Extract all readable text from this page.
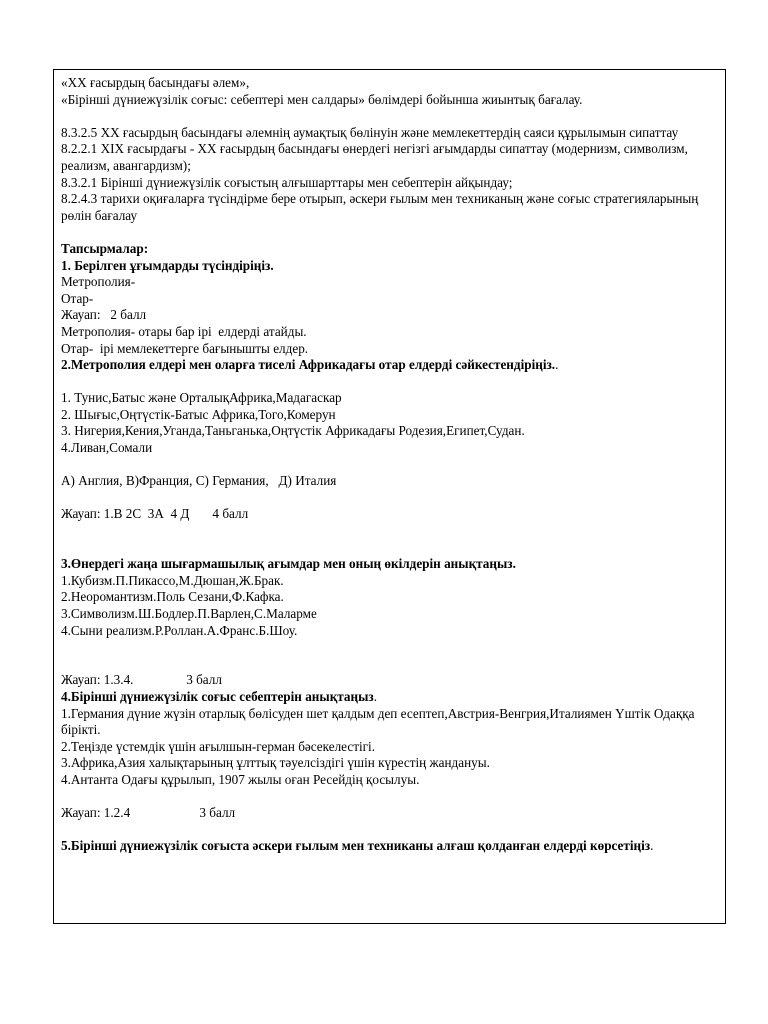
«XX ғасырдың басындағы әлем»,
«Бірінші дүниежүзілік соғыс: себептері мен салдары» бөлімдері бойынша жиынтық бағалау.
8.3.2.5 XX ғасырдың басындағы әлемнің аумақтық бөлінуін және мемлекеттердің саяси құрылымын сипаттау
8.2.2.1 XIX ғасырдағы - XX ғасырдың басындағы өнердегі негізгі ағымдарды сипаттау (модернизм, символизм, реализм, авангардизм);
8.3.2.1 Бірінші дүниежүзілік соғыстың алғышарттары мен себептерін айқындау;
8.2.4.3 тарихи оқиғаларға түсіндірме бере отырып, әскери ғылым мен техниканың және соғыс стратегияларының рөлін бағалау
Тапсырмалар:
1. Берілген ұғымдарды түсіндіріңіз.
Метрополия-
Отар-
Жауап:   2 балл
Метрополия- отары бар ірі  елдерді атайды.
Отар-  ірі мемлекеттерге бағынышты елдер.
2.Метрополия елдері мен оларға тиселі Африкадағы отар елдерді сәйкестендіріңіз..
1. Тунис,Батыс және ОрталықАфрика,Мадагаскар
2. Шығыс,Оңтүстік-Батыс Африка,Того,Комерун
3. Нигерия,Кения,Уганда,Таньганька,Оңтүстік Африкадағы Родезия,Египет,Судан.
4.Ливан,Сомали
А) Англия, В)Франция, С) Германия,   Д) Италия
Жауап: 1.В 2С  3А  4 Д       4 балл
3.Өнердегі жаңа шығармашылық ағымдар мен оның өкілдерін анықтаңыз.
1.Кубизм.П.Пикассо,М.Дюшан,Ж.Брак.
2.Неоромантизм.Поль Сезани,Ф.Кафка.
3.Символизм.Ш.Бодлер.П.Варлен,С.Маларме
4.Сыни реализм.Р.Роллан.А.Франс.Б.Шоу.
Жауап: 1.3.4.                3 балл
4.Бірінші дүниежүзілік соғыс себептерін анықтаңыз.
1.Германия дүние жүзін отарлық бөлісуден шет қалдым деп есептеп,Австрия-Венгрия,Италиямен Үштік Одаққа бірікті.
2.Теңізде үстемдік үшін ағылшын-герман бәсекелестігі.
3.Африка,Азия халықтарының ұлттық тәуелсіздігі үшін күрестің жандануы.
4.Антанта Одағы құрылып, 1907 жылы оған Ресейдің қосылуы.
Жауап: 1.2.4                     3 балл
5.Бірінші дүниежүзілік соғыста әскери ғылым мен техниканы алғаш қолданған елдерді көрсетіңіз.
